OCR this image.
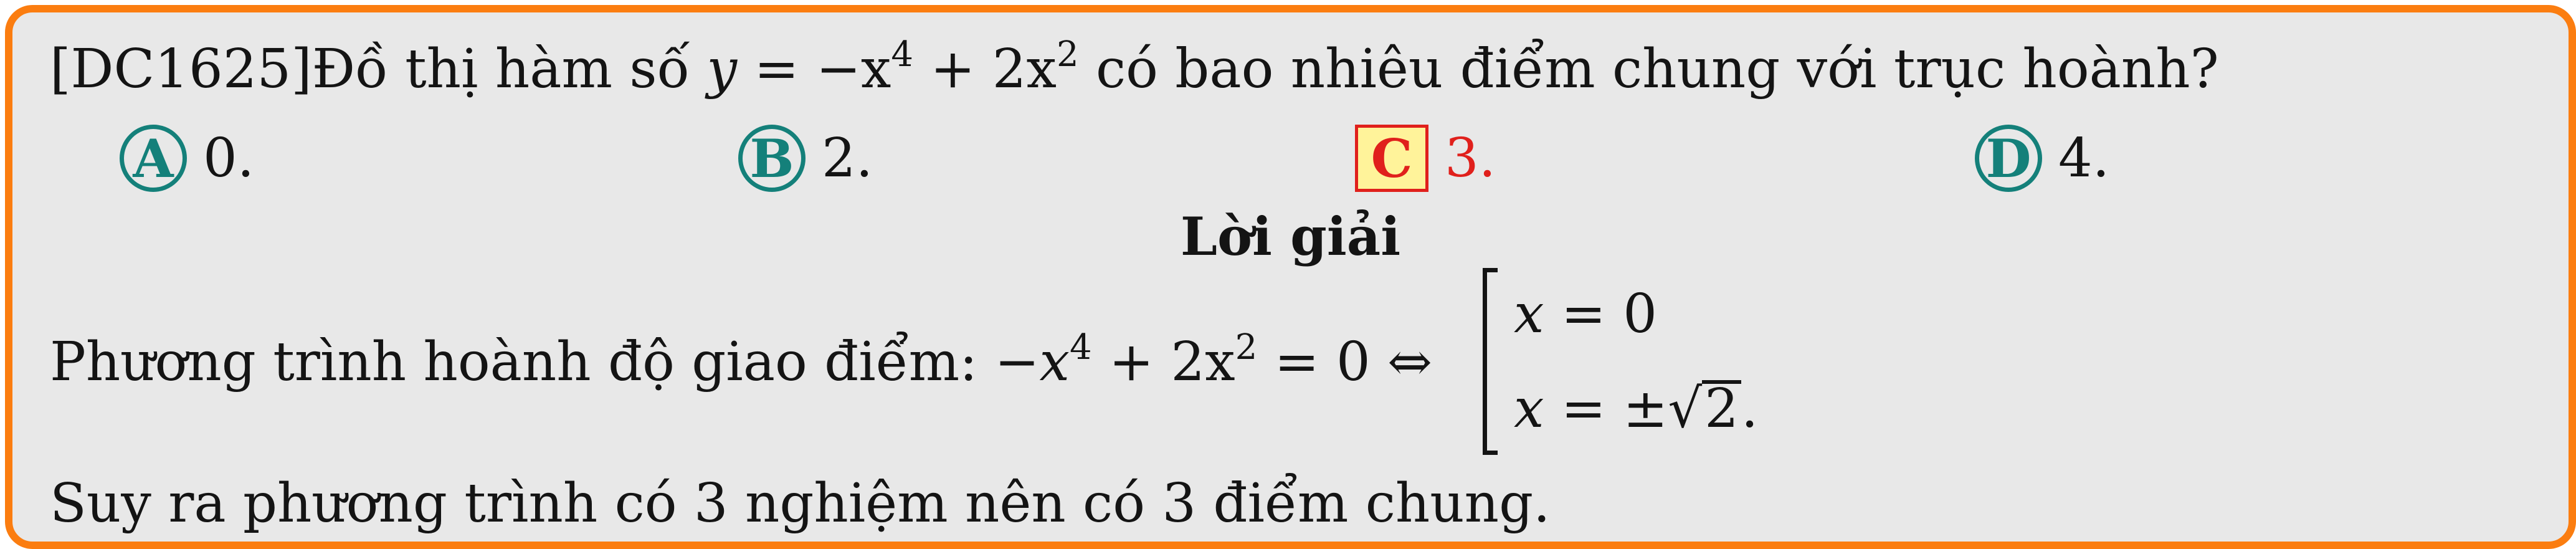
[DC1625]Đồ thị hàm số $y = -x^4 + 2x^2$ có bao nhiêu điểm chung với trục hoành?
A 0.	B 2.	C 3.	D 4.
Lời giải
Phương trình hoành độ giao điểm: $-x^4 + 2x^2 = 0$ ⇔
x = 0
x = ±√2.
Suy ra phương trình có 3 nghiệm nên có 3 điểm chung.
